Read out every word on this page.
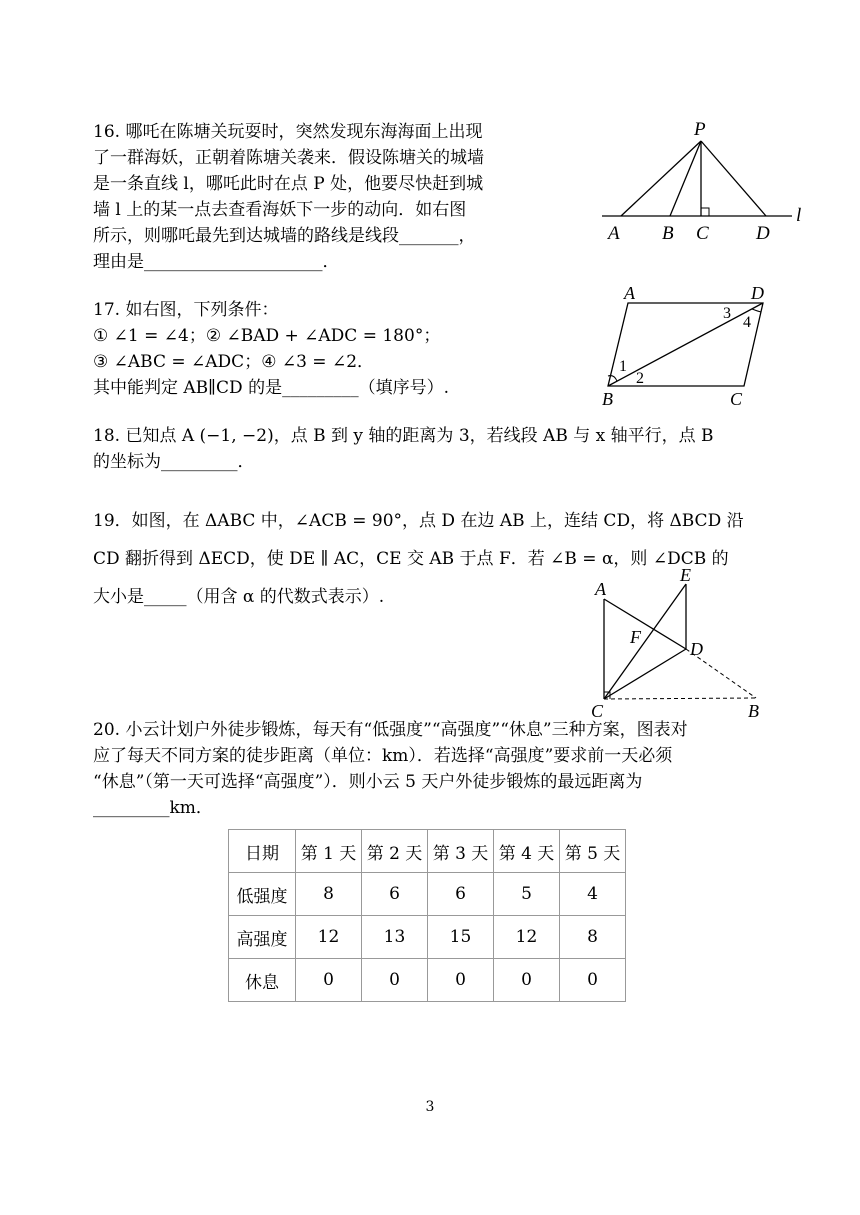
16. 哪吒在陈塘关玩耍时，突然发现东海海面上出现

了一群海妖，正朝着陈塘关袭来．假设陈塘关的城墙

是一条直线 l，哪吒此时在点 P 处，他要尽快赶到城

墙 l 上的某一点去查看海妖下一步的动向．如右图

所示，则哪吒最先到达城墙的路线是线段_______，

理由是_____________________．

P
A B C D
l

17. 如右图，下列条件：

① ∠1 = ∠4；② ∠BAD + ∠ADC = 180°；

③ ∠ABC = ∠ADC；④ ∠3 = ∠2．

其中能判定 AB∥CD 的是_________（填序号）.

A	D
B	C
1
2
3
4

18. 已知点 A (−1, −2)，点 B 到 y 轴的距离为 3，若线段 AB 与 x 轴平行，点 B

的坐标为_________．

19．如图，在 ΔABC 中，∠ACB = 90°，点 D 在边 AB 上，连结 CD，将 ΔBCD 沿

CD 翻折得到 ΔECD，使 DE ∥ AC，CE 交 AB 于点 F．若 ∠B = α，则 ∠DCB 的

大小是_____（用含 α 的代数式表示）.

E
A
F
D
C	B

20. 小云计划户外徒步锻炼，每天有“低强度”“高强度”“休息”三种方案，图表对

应了每天不同方案的徒步距离（单位：km）．若选择“高强度”要求前一天必须

“休息”（第一天可选择“高强度”）．则小云 5 天户外徒步锻炼的最远距离为

_________km．

日期	第 1 天	第 2 天	第 3 天	第 4 天	第 5 天
低强度	8	6	6	5	4
高强度	12	13	15	12	8
休息	0	0	0	0	0
3
